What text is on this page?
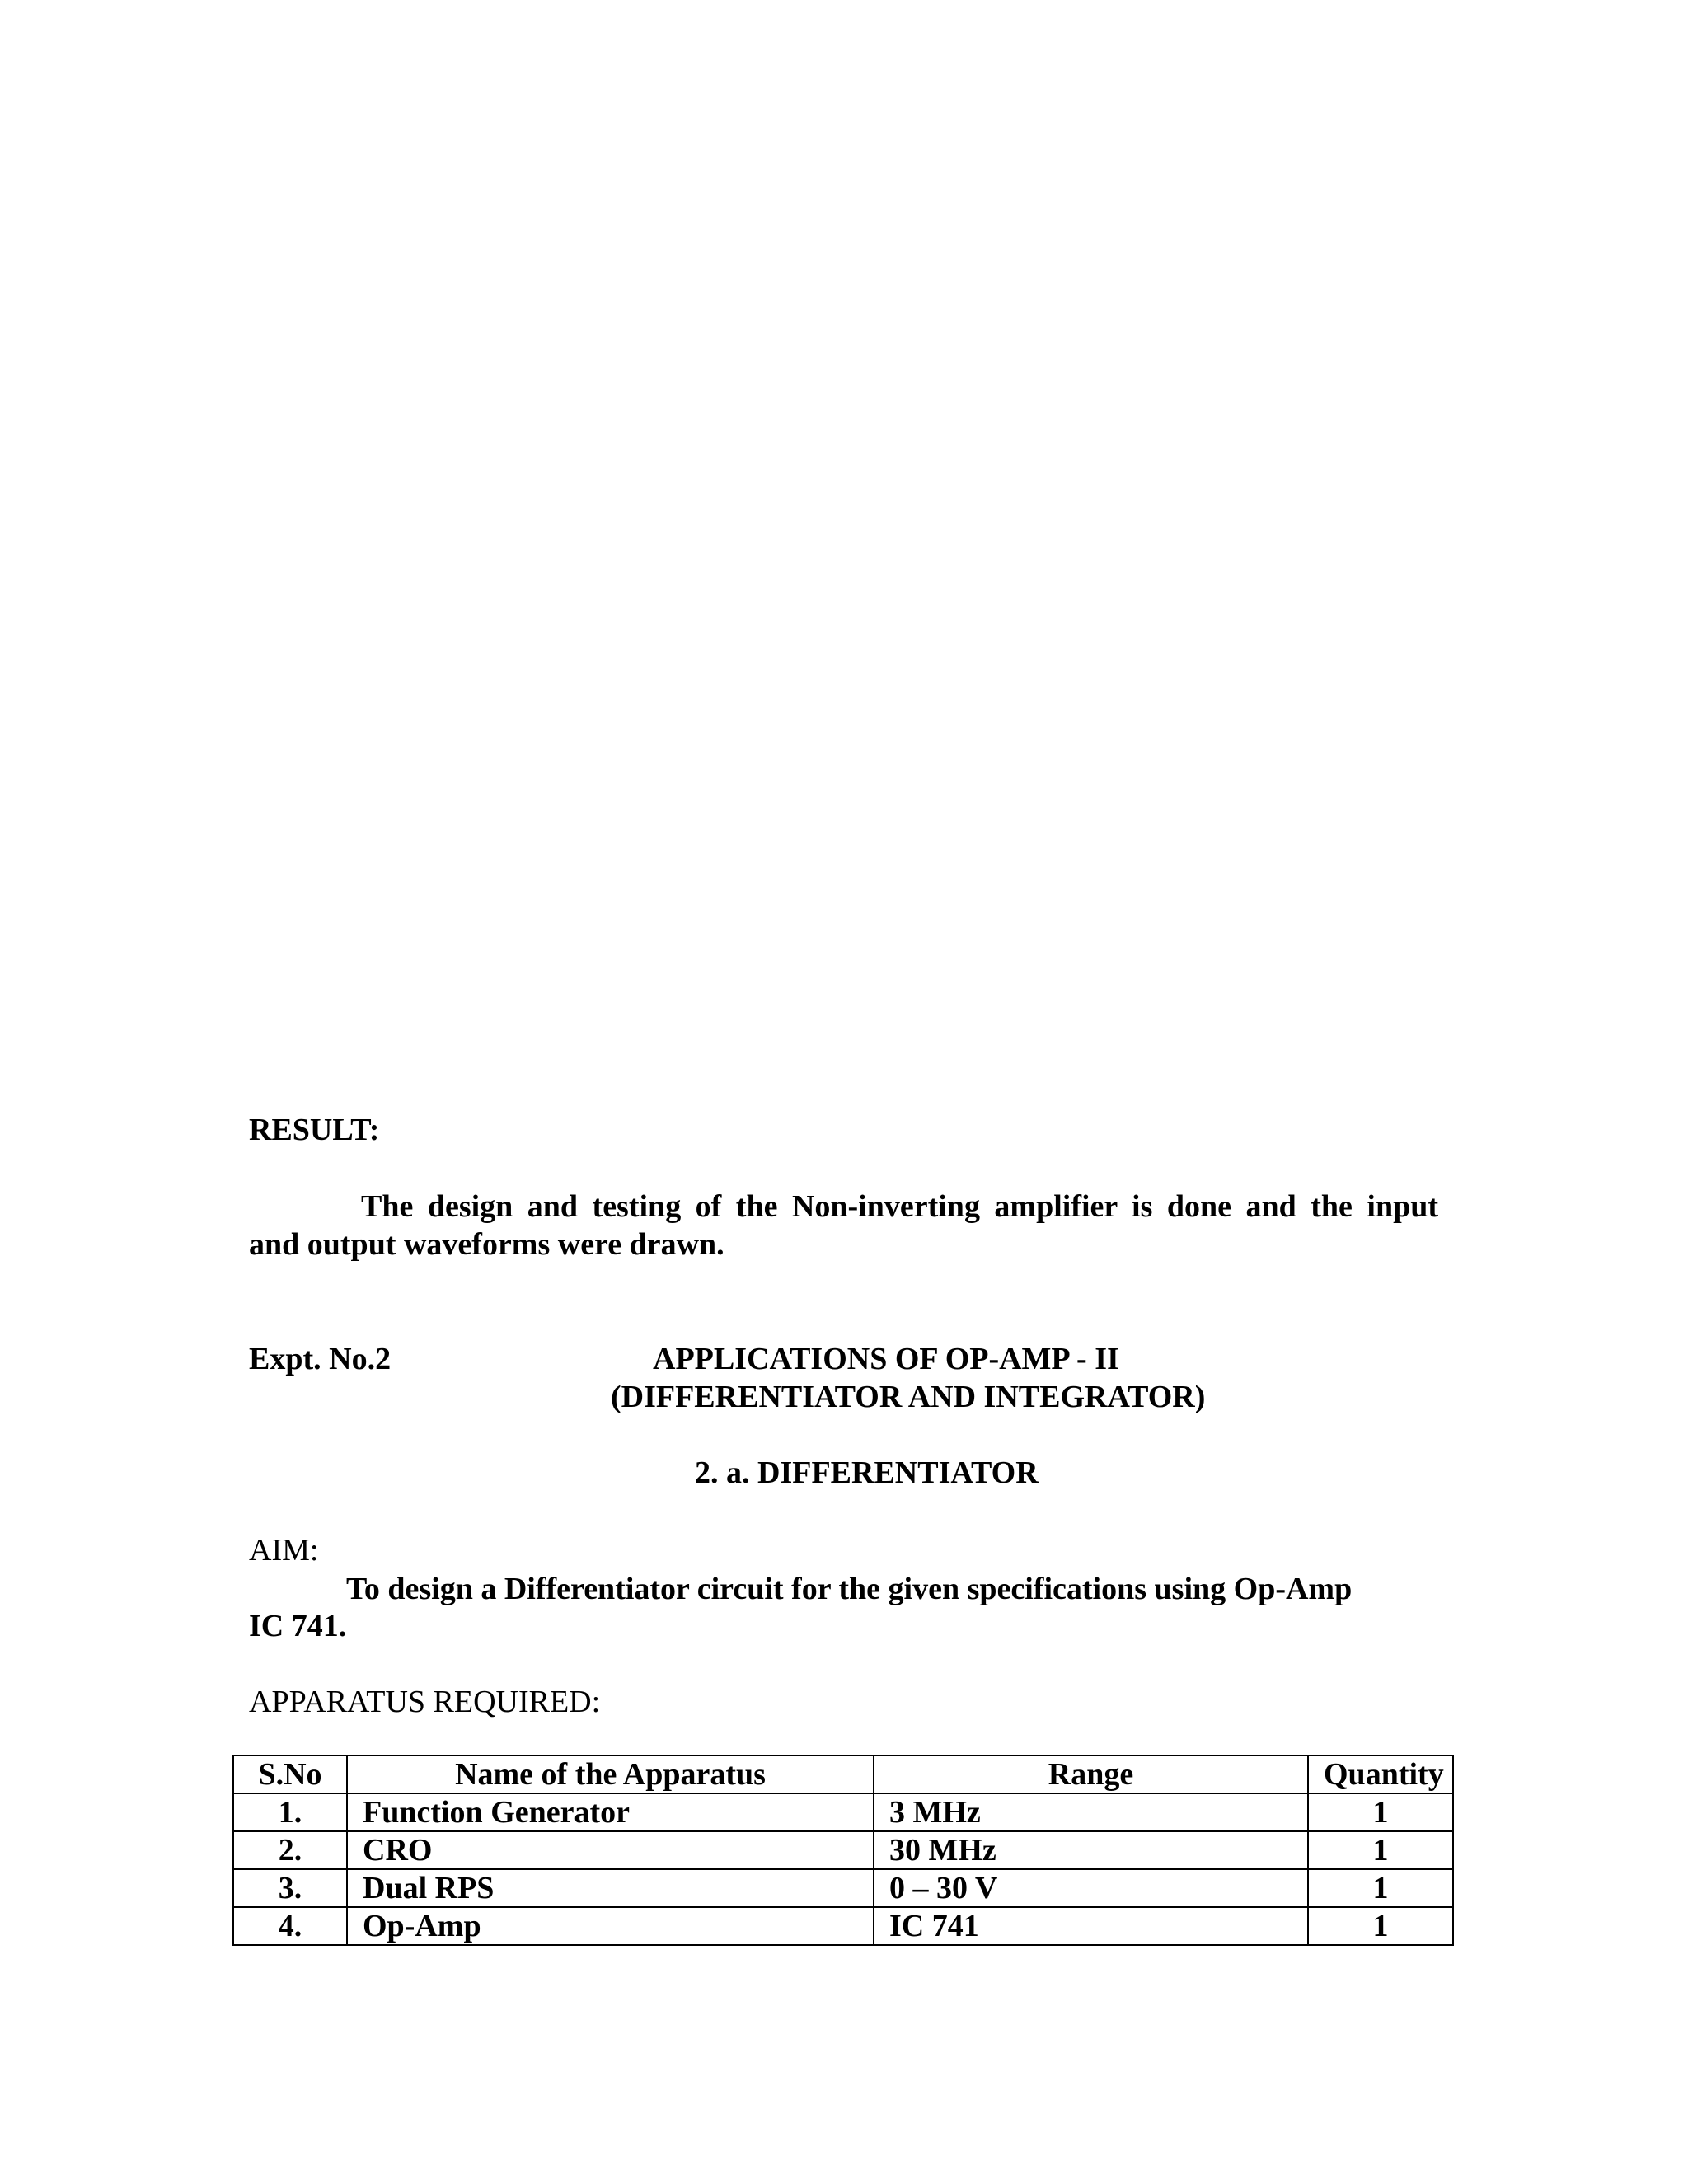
RESULT:

The design and testing of the Non-inverting amplifier is done and the input

and output waveforms were drawn.

Expt. No.2	APPLICATIONS OF OP-AMP - II

(DIFFERENTIATOR AND INTEGRATOR)

2. a. DIFFERENTIATOR

AIM:

To design a Differentiator circuit for the given specifications using Op-Amp

IC 741.

APPARATUS REQUIRED:

S.No	Name of the Apparatus	Range	Quantity
1.	Function Generator	3 MHz	1
2.	CRO	30 MHz	1
3.	Dual RPS	0 – 30 V	1
4.	Op-Amp	IC 741	1
